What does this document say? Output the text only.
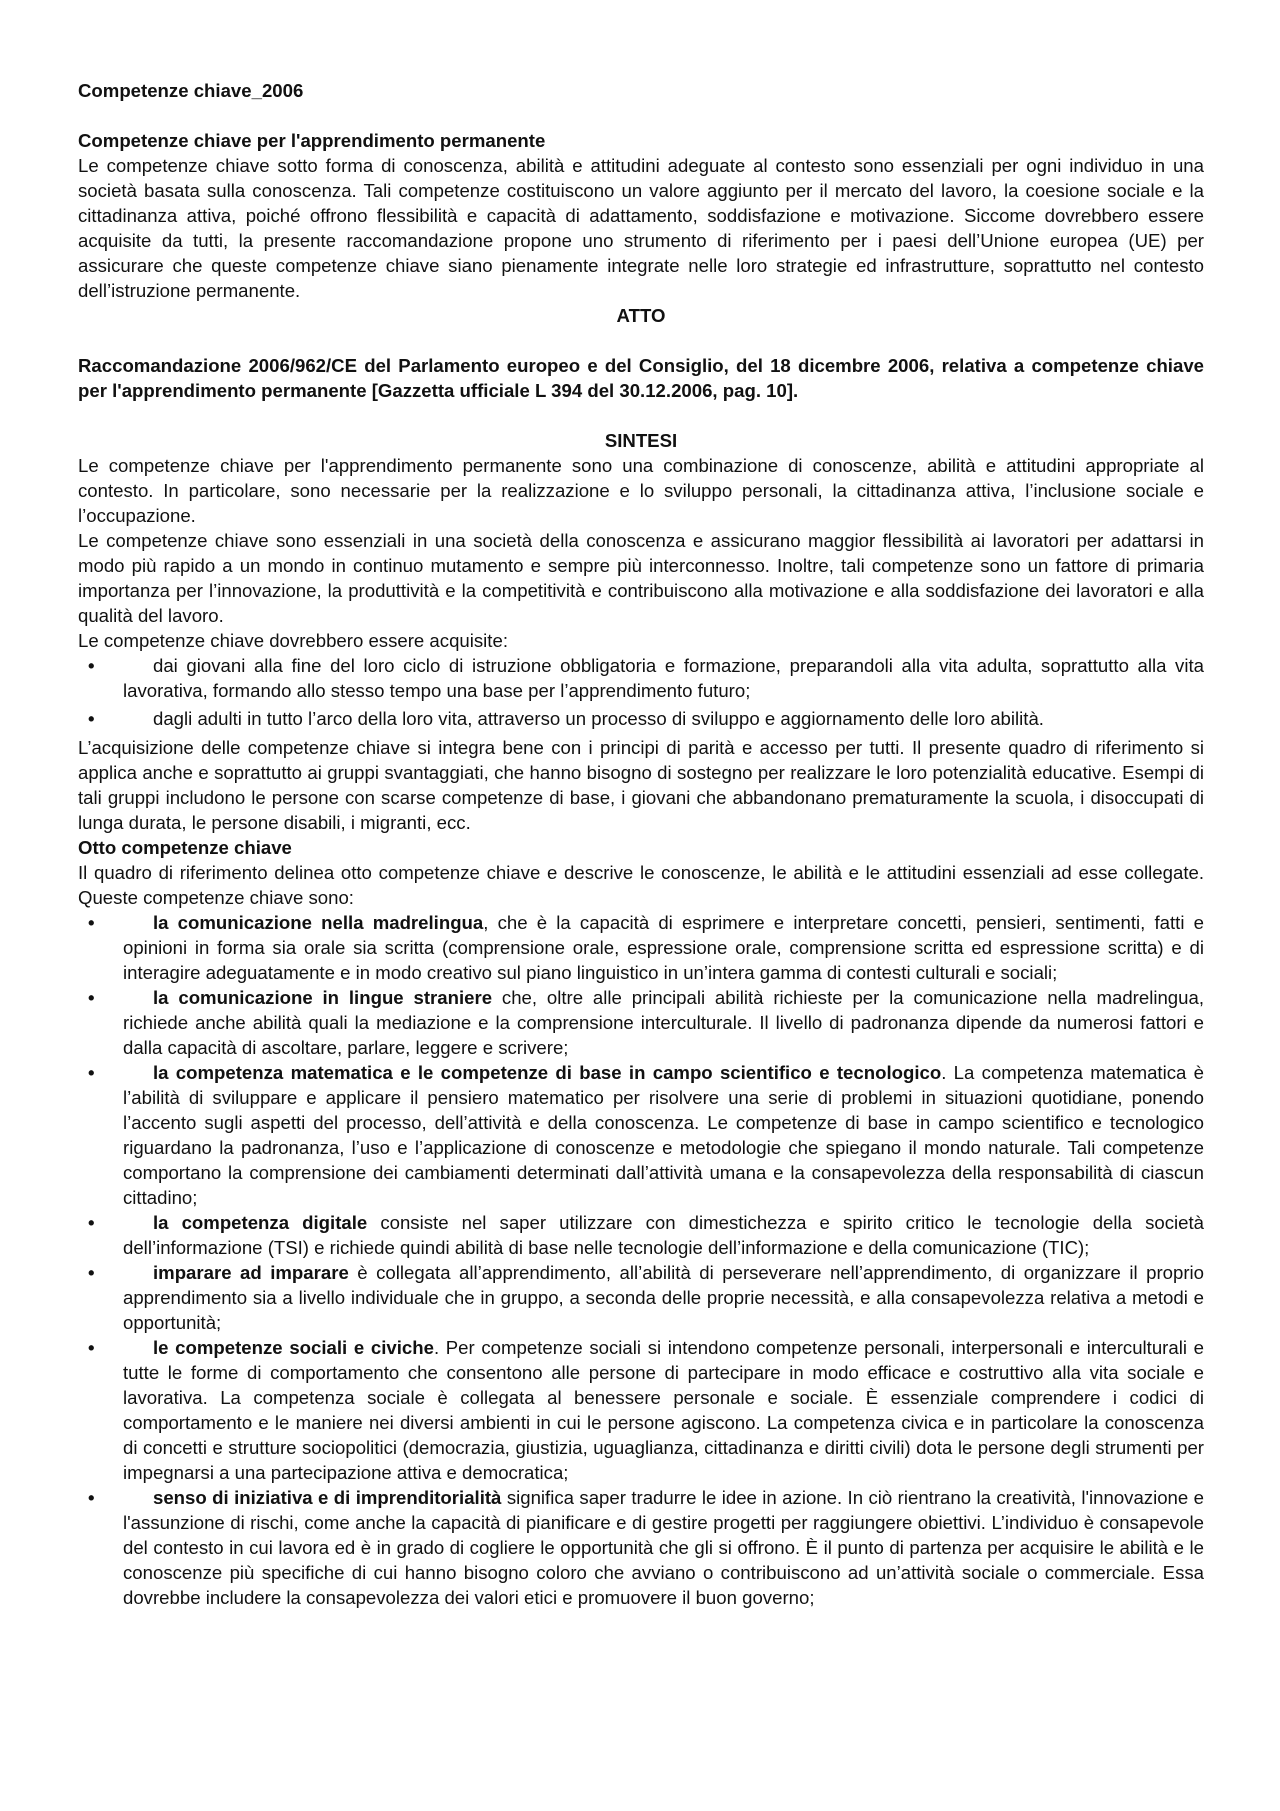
Competenze chiave_2006

Competenze chiave per l'apprendimento permanente

Le competenze chiave sotto forma di conoscenza, abilità e attitudini adeguate al contesto sono essenziali per ogni individuo in una società basata sulla conoscenza. Tali competenze costituiscono un valore aggiunto per il mercato del lavoro, la coesione sociale e la cittadinanza attiva, poiché offrono flessibilità e capacità di adattamento, soddisfazione e motivazione. Siccome dovrebbero essere acquisite da tutti, la presente raccomandazione propone uno strumento di riferimento per i paesi dell’Unione europea (UE) per assicurare che queste competenze chiave siano pienamente integrate nelle loro strategie ed infrastrutture, soprattutto nel contesto dell’istruzione permanente.

ATTO

Raccomandazione 2006/962/CE del Parlamento europeo e del Consiglio, del 18 dicembre 2006, relativa a competenze chiave per l'apprendimento permanente [Gazzetta ufficiale L 394 del 30.12.2006, pag. 10].

SINTESI

Le competenze chiave per l'apprendimento permanente sono una combinazione di conoscenze, abilità e attitudini appropriate al contesto. In particolare, sono necessarie per la realizzazione e lo sviluppo personali, la cittadinanza attiva, l’inclusione sociale e l’occupazione.

Le competenze chiave sono essenziali in una società della conoscenza e assicurano maggior flessibilità ai lavoratori per adattarsi in modo più rapido a un mondo in continuo mutamento e sempre più interconnesso. Inoltre, tali competenze sono un fattore di primaria importanza per l’innovazione, la produttività e la competitività e contribuiscono alla motivazione e alla soddisfazione dei lavoratori e alla qualità del lavoro.

Le competenze chiave dovrebbero essere acquisite:

•	dai giovani alla fine del loro ciclo di istruzione obbligatoria e formazione, preparandoli alla vita adulta, soprattutto alla vita lavorativa, formando allo stesso tempo una base per l’apprendimento futuro;
•	dagli adulti in tutto l’arco della loro vita, attraverso un processo di sviluppo e aggiornamento delle loro abilità.

L’acquisizione delle competenze chiave si integra bene con i principi di parità e accesso per tutti. Il presente quadro di riferimento si applica anche e soprattutto ai gruppi svantaggiati, che hanno bisogno di sostegno per realizzare le loro potenzialità educative. Esempi di tali gruppi includono le persone con scarse competenze di base, i giovani che abbandonano prematuramente la scuola, i disoccupati di lunga durata, le persone disabili, i migranti, ecc.

Otto competenze chiave

Il quadro di riferimento delinea otto competenze chiave e descrive le conoscenze, le abilità e le attitudini essenziali ad esse collegate. Queste competenze chiave sono:

•	la comunicazione nella madrelingua, che è la capacità di esprimere e interpretare concetti, pensieri, sentimenti, fatti e opinioni in forma sia orale sia scritta (comprensione orale, espressione orale, comprensione scritta ed espressione scritta) e di interagire adeguatamente e in modo creativo sul piano linguistico in un’intera gamma di contesti culturali e sociali;
•	la comunicazione in lingue straniere che, oltre alle principali abilità richieste per la comunicazione nella madrelingua, richiede anche abilità quali la mediazione e la comprensione interculturale. Il livello di padronanza dipende da numerosi fattori e dalla capacità di ascoltare, parlare, leggere e scrivere;
•	la competenza matematica e le competenze di base in campo scientifico e tecnologico. La competenza matematica è l’abilità di sviluppare e applicare il pensiero matematico per risolvere una serie di problemi in situazioni quotidiane, ponendo l’accento sugli aspetti del processo, dell’attività e della conoscenza. Le competenze di base in campo scientifico e tecnologico riguardano la padronanza, l’uso e l’applicazione di conoscenze e metodologie che spiegano il mondo naturale. Tali competenze comportano la comprensione dei cambiamenti determinati dall’attività umana e la consapevolezza della responsabilità di ciascun cittadino;
•	la competenza digitale consiste nel saper utilizzare con dimestichezza e spirito critico le tecnologie della società dell’informazione (TSI) e richiede quindi abilità di base nelle tecnologie dell’informazione e della comunicazione (TIC);
•	imparare ad imparare è collegata all’apprendimento, all’abilità di perseverare nell’apprendimento, di organizzare il proprio apprendimento sia a livello individuale che in gruppo, a seconda delle proprie necessità, e alla consapevolezza relativa a metodi e opportunità;
•	le competenze sociali e civiche. Per competenze sociali si intendono competenze personali, interpersonali e interculturali e tutte le forme di comportamento che consentono alle persone di partecipare in modo efficace e costruttivo alla vita sociale e lavorativa. La competenza sociale è collegata al benessere personale e sociale. È essenziale comprendere i codici di comportamento e le maniere nei diversi ambienti in cui le persone agiscono. La competenza civica e in particolare la conoscenza di concetti e strutture sociopolitici (democrazia, giustizia, uguaglianza, cittadinanza e diritti civili) dota le persone degli strumenti per impegnarsi a una partecipazione attiva e democratica;
•	senso di iniziativa e di imprenditorialità significa saper tradurre le idee in azione. In ciò rientrano la creatività, l'innovazione e l'assunzione di rischi, come anche la capacità di pianificare e di gestire progetti per raggiungere obiettivi. L’individuo è consapevole del contesto in cui lavora ed è in grado di cogliere le opportunità che gli si offrono. È il punto di partenza per acquisire le abilità e le conoscenze più specifiche di cui hanno bisogno coloro che avviano o contribuiscono ad un’attività sociale o commerciale. Essa dovrebbe includere la consapevolezza dei valori etici e promuovere il buon governo;
